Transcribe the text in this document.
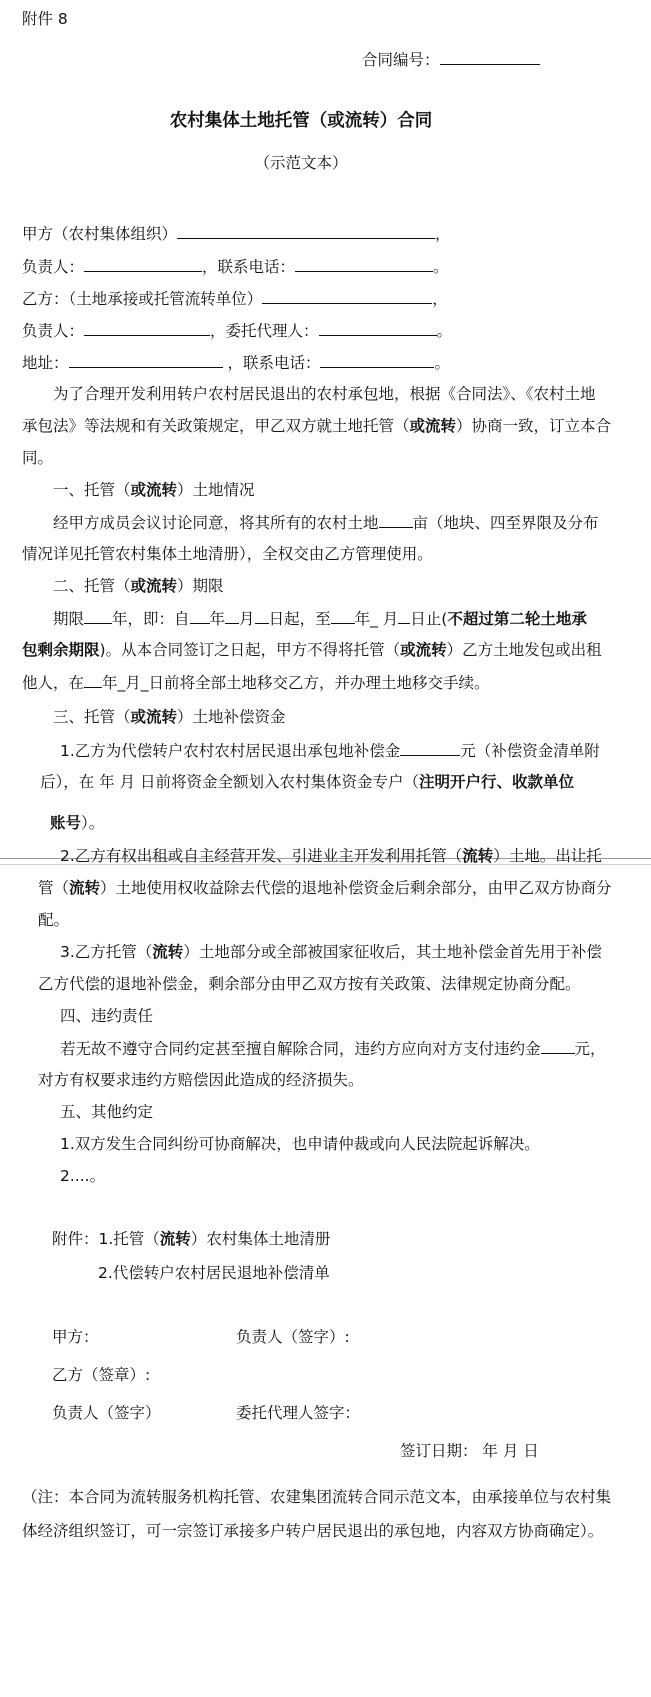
附件 8
合同编号：
农村集体土地托管（或流转）合同
（示范文本）
甲方（农村集体组织）	，
负责人：	，联系电话：	。
乙方：（土地承接或托管流转单位）	，
负责人：	，委托代理人：	。
地址：	，联系电话：	。
为了合理开发利用转户农村居民退出的农村承包地，根据《合同法》、《农村土地
承包法》等法规和有关政策规定，甲乙双方就土地托管（或流转）协商一致，订立本合
同。
一、托管（或流转）土地情况
经甲方成员会议讨论同意，将其所有的农村土地 亩（地块、四至界限及分布
情况详见托管农村集体土地清册），全权交由乙方管理使用。
二、托管（或流转）期限
期限 年，即：自 年 月 日起，至 年_ 月 日止(不超过第二轮土地承
包剩余期限)。从本合同签订之日起，甲方不得将托管（或流转）乙方土地发包或出租
他人，在 年_月_日前将全部土地移交乙方，并办理土地移交手续。
三、托管（或流转）土地补偿资金
1.乙方为代偿转户农村农村居民退出承包地补偿金	元（补偿资金清单附
后），在 年 月 日前将资金全额划入农村集体资金专户（注明开户行、收款单位
账号）。
2.乙方有权出租或自主经营开发、引进业主开发利用托管（流转）土地。出让托
管（流转）土地使用权收益除去代偿的退地补偿资金后剩余部分，由甲乙双方协商分
配。
3.乙方托管（流转）土地部分或全部被国家征收后，其土地补偿金首先用于补偿
乙方代偿的退地补偿金，剩余部分由甲乙双方按有关政策、法律规定协商分配。
四、违约责任
若无故不遵守合同约定甚至擅自解除合同，违约方应向对方支付违约金 元，
对方有权要求违约方赔偿因此造成的经济损失。
五、其他约定
1.双方发生合同纠纷可协商解决，也申请仲裁或向人民法院起诉解决。
2....。
附件：1.托管（流转）农村集体土地清册
2.代偿转户农村居民退地补偿清单
甲方：	负责人（签字）:
乙方（签章）:
负责人（签字）	委托代理人签字：
签订日期： 年 月 日
（注：本合同为流转服务机构托管、农建集团流转合同示范文本，由承接单位与农村集
体经济组织签订，可一宗签订承接多户转户居民退出的承包地，内容双方协商确定）。
